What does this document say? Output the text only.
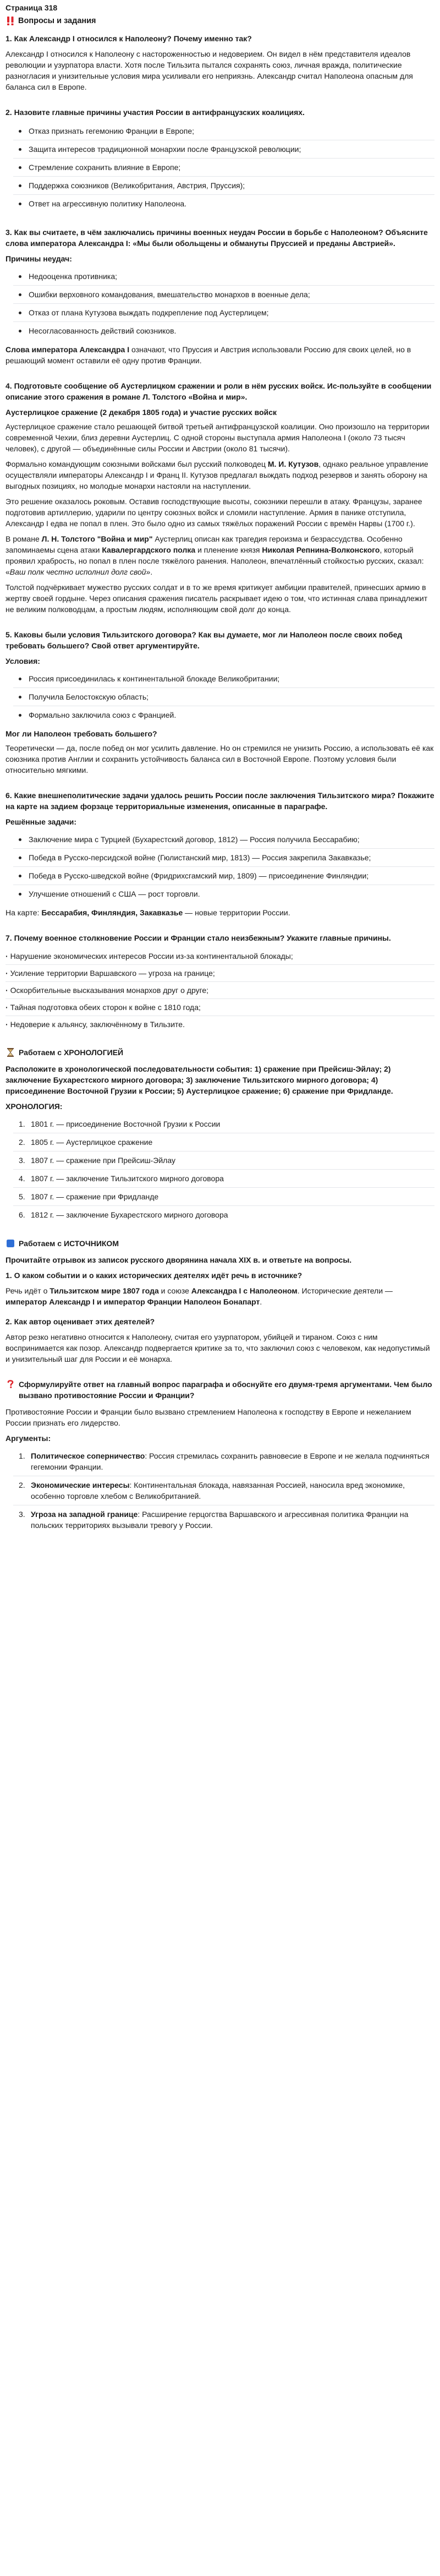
Страница 318
Вопросы и задания
1. Как Александр I относился к Наполеону? Почему именно так?

Александр I относился к Наполеону с настороженностью и недоверием. Он видел в нём представителя идеалов революции и узурпатора власти. Хотя после Тильзита пытался сохранять союз, личная вражда, политические разногласия и унизительные условия мира усиливали его неприязнь. Александр считал Наполеона опасным для баланса сил в Европе.

2. Назовите главные причины участия России в антифранцузских коалициях.
Отказ признать гегемонию Франции в Европе;
Защита интересов традиционной монархии после Французской революции;
Стремление сохранить влияние в Европе;
Поддержка союзников (Великобритания, Австрия, Пруссия);
Ответ на агрессивную политику Наполеона.
3. Как вы считаете, в чём заключались причины военных неудач России в борьбе с Наполеоном? Объясните слова императора Александра I: «Мы были обольщены и обмануты Пруссией и преданы Австрией».
Причины неудач:
Недооценка противника;
Ошибки верховного командования, вмешательство монархов в военные дела;
Отказ от плана Кутузова выждать подкрепление под Аустерлицем;
Несогласованность действий союзников.

Слова императора Александра I означают, что Пруссия и Австрия использовали Россию для своих целей, но в решающий момент оставили её одну против Франции.

4. Подготовьте сообщение об Аустерлицком сражении и роли в нём русских войск. Ис-пользуйте в сообщении описание этого сражения в романе Л. Толстого «Война и мир».
Аустерлицкое сражение (2 декабря 1805 года) и участие русских войск

Аустерлицкое сражение стало решающей битвой третьей антифранцузской коалиции. Оно произошло на территории современной Чехии, близ деревни Аустерлиц. С одной стороны выступала армия Наполеона I (около 73 тысяч человек), с другой — объединённые силы России и Австрии (около 81 тысячи).

Формально командующим союзными войсками был русский полководец М. И. Кутузов, однако реальное управление осуществляли императоры Александр I и Франц II. Кутузов предлагал выждать подход резервов и занять оборону на выгодных позициях, но молодые монархи настояли на наступлении.

Это решение оказалось роковым. Оставив господствующие высоты, союзники перешли в атаку. Французы, заранее подготовив артиллерию, ударили по центру союзных войск и сломили наступление. Армия в панике отступила, Александр I едва не попал в плен. Это было одно из самых тяжёлых поражений России с времён Нарвы (1700 г.).

В романе Л. Н. Толстого "Война и мир" Аустерлиц описан как трагедия героизма и безрассудства. Особенно запоминаемы сцена атаки Кавалергардского полка и пленение князя Николая Репнина-Волконского, который проявил храбрость, но попал в плен после тяжёлого ранения. Наполеон, впечатлённый стойкостью русских, сказал: «Ваш полк честно исполнил долг свой».

Толстой подчёркивает мужество русских солдат и в то же время критикует амбиции правителей, принесших армию в жертву своей гордыне. Через описания сражения писатель раскрывает идею о том, что истинная слава принадлежит не великим полководцам, а простым людям, исполняющим свой долг до конца.

5. Каковы были условия Тильзитского договора? Как вы думаете, мог ли Наполеон после своих побед требовать большего? Свой ответ аргументируйте.
Условия:
Россия присоединилась к континентальной блокаде Великобритании;
Получила Белостокскую область;
Формально заключила союз с Францией.
Мог ли Наполеон требовать большего?

Теоретически — да, после побед он мог усилить давление. Но он стремился не унизить Россию, а использовать её как союзника против Англии и сохранить устойчивость баланса сил в Восточной Европе. Поэтому условия были относительно мягкими.

6. Какие внешнеполитические задачи удалось решить России после заключения Тильзитского мира? Покажите на карте на задием форзаце территориальные изменения, описанные в параграфе.
Решённые задачи:
Заключение мира с Турцией (Бухарестский договор, 1812) — Россия получила Бессарабию;
Победа в Русско-персидской войне (Гюлистанский мир, 1813) — Россия закрепила Закавказье;
Победа в Русско-шведской войне (Фридрихсгамский мир, 1809) — присоединение Финляндии;
Улучшение отношений с США — рост торговли.

На карте: Бессарабия, Финляндия, Закавказье — новые территории России.

7. Почему военное столкновение России и Франции стало неизбежным? Укажите главные причины.
· Нарушение экономических интересов России из-за континентальной блокады;
· Усиление территории Варшавского — угроза на границе;
· Оскорбительные высказывания монархов друг о друге;
· Тайная подготовка обеих сторон к войне с 1810 года;
· Недоверие к альянсу, заключённому в Тильзите.
Работаем с ХРОНОЛОГИЕЙ

Расположите в хронологической последовательности события: 1) сражение при Прейсиш-Эйлау; 2) заключение Бухарестского мирного договора; 3) заключение Тильзитского мирного договора; 4) присоединение Восточной Грузии к России; 5) Аустерлицкое сражение; 6) сражение при Фридланде.

ХРОНОЛОГИЯ:
1. 1801 г. — присоединение Восточной Грузии к России
2. 1805 г. — Аустерлицкое сражение
3. 1807 г. — сражение при Прейсиш-Эйлау
4. 1807 г. — заключение Тильзитского мирного договора
5. 1807 г. — сражение при Фридланде
6. 1812 г. — заключение Бухарестского мирного договора
Работаем с ИСТОЧНИКОМ

Прочитайте отрывок из записок русского дворянина начала XIX в. и ответьте на вопросы.

1. О каком событии и о каких исторических деятелях идёт речь в источнике?

Речь идёт о Тильзитском мире 1807 года и союзе Александра I с Наполеоном. Исторические деятели — император Александр I и император Франции Наполеон Бонапарт.

2. Как автор оценивает этих деятелей?

Автор резко негативно относится к Наполеону, считая его узурпатором, убийцей и тираном. Союз с ним воспринимается как позор. Александр подвергается критике за то, что заключил союз с человеком, как недопустимый и унизительный шаг для России и её монарха.

Сформулируйте ответ на главный вопрос параграфа и обоснуйте его двумя-тремя аргументами. Чем было вызвано противостояние России и Франции?

Противостояние России и Франции было вызвано стремлением Наполеона к господству в Европе и нежеланием России признать его лидерство.

Аргументы:
1. Политическое соперничество: Россия стремилась сохранить равновесие в Европе и не желала подчиняться гегемонии Франции.
2. Экономические интересы: Континентальная блокада, навязанная Россией, наносила вред экономике, особенно торговле хлебом с Великобританией.
3. Угроза на западной границе: Расширение герцогства Варшавского и агрессивная политика Франции на польских территориях вызывали тревогу у России.
